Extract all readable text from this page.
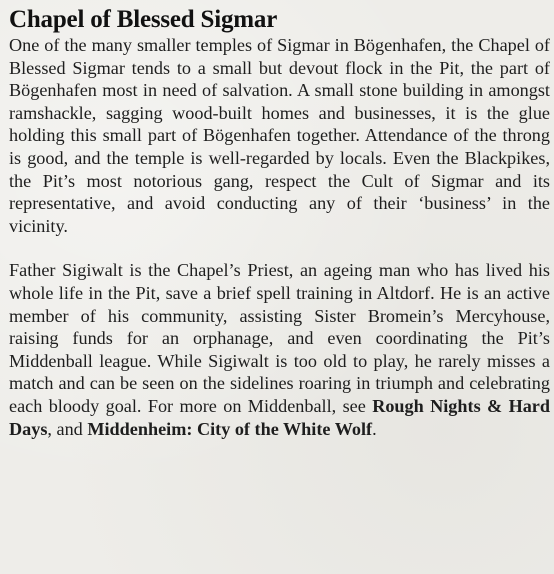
Chapel of Blessed Sigmar

One of the many smaller temples of Sigmar in Bögenhafen, the Chapel of Blessed Sigmar tends to a small but devout flock in the Pit, the part of Bögenhafen most in need of salvation. A small stone building in amongst ramshackle, sagging wood-built homes and businesses, it is the glue holding this small part of Bögenhafen together. Attendance of the throng is good, and the temple is well-regarded by locals. Even the Blackpikes, the Pit’s most notorious gang, respect the Cult of Sigmar and its representative, and avoid conducting any of their ‘business’ in the vicinity.

Father Sigiwalt is the Chapel’s Priest, an ageing man who has lived his whole life in the Pit, save a brief spell training in Altdorf. He is an active member of his community, assisting Sister Bromein’s Mercyhouse, raising funds for an orphanage, and even coordinating the Pit’s Middenball league. While Sigiwalt is too old to play, he rarely misses a match and can be seen on the sidelines roaring in triumph and celebrating each bloody goal. For more on Middenball, see Rough Nights & Hard Days, and Middenheim: City of the White Wolf.
